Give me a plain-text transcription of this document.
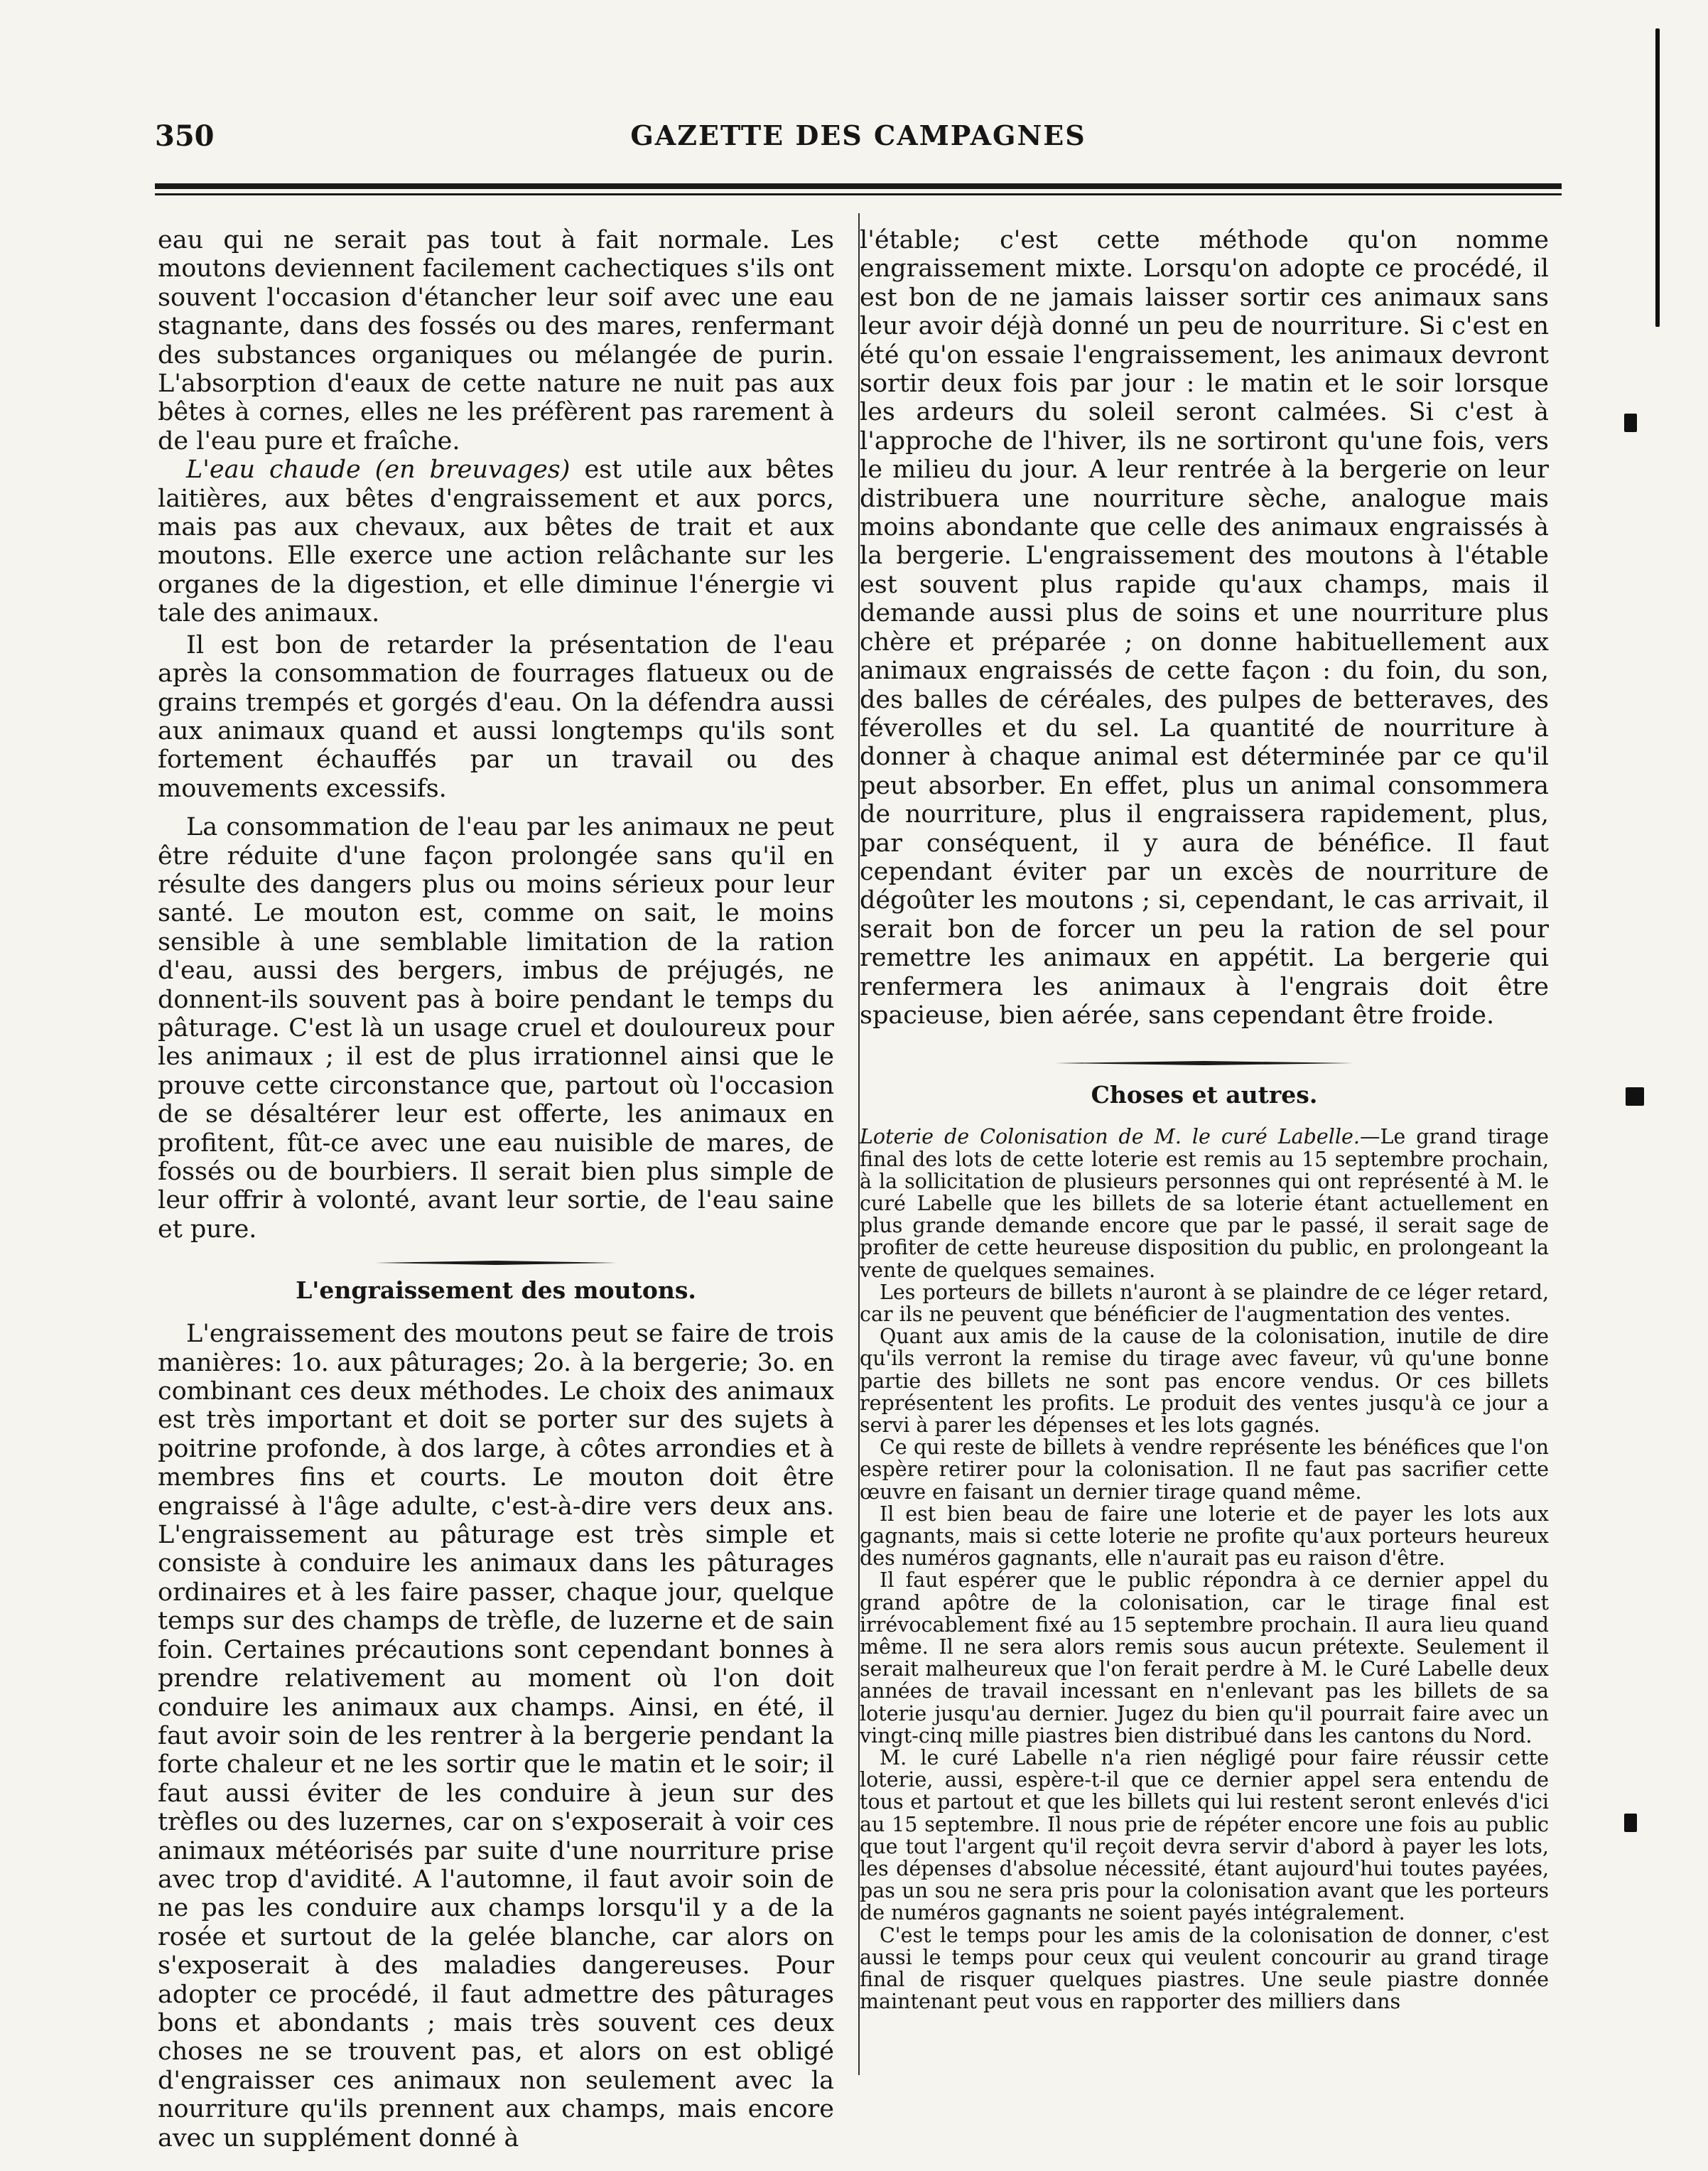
350	GAZETTE DES CAMPAGNES

eau qui ne serait pas tout à fait normale. Les moutons deviennent facilement cachectiques s'ils ont souvent l'occasion d'étancher leur soif avec une eau stagnante, dans des fossés ou des mares, renfermant des substances organiques ou mélangée de purin. L'absorption d'eaux de cette nature ne nuit pas aux bêtes à cornes, elles ne les préfèrent pas rarement à de l'eau pure et fraîche.

L'eau chaude (en breuvages) est utile aux bêtes laitières, aux bêtes d'engraissement et aux porcs, mais pas aux chevaux, aux bêtes de trait et aux moutons. Elle exerce une action relâchante sur les organes de la digestion, et elle diminue l'énergie vi tale des animaux.

Il est bon de retarder la présentation de l'eau après la consommation de fourrages flatueux ou de grains trempés et gorgés d'eau. On la défendra aussi aux animaux quand et aussi longtemps qu'ils sont fortement échauffés par un travail ou des mouvements excessifs.

La consommation de l'eau par les animaux ne peut être réduite d'une façon prolongée sans qu'il en résulte des dangers plus ou moins sérieux pour leur santé. Le mouton est, comme on sait, le moins sensible à une semblable limitation de la ration d'eau, aussi des bergers, imbus de préjugés, ne donnent-ils souvent pas à boire pendant le temps du pâturage. C'est là un usage cruel et douloureux pour les animaux ; il est de plus irrationnel ainsi que le prouve cette circonstance que, partout où l'occasion de se désaltérer leur est offerte, les animaux en profitent, fût-ce avec une eau nuisible de mares, de fossés ou de bourbiers. Il serait bien plus simple de leur offrir à volonté, avant leur sortie, de l'eau saine et pure.

L'engraissement des moutons.

L'engraissement des moutons peut se faire de trois manières: 1o. aux pâturages; 2o. à la bergerie; 3o. en combinant ces deux méthodes. Le choix des animaux est très important et doit se porter sur des sujets à poitrine profonde, à dos large, à côtes arrondies et à membres fins et courts. Le mouton doit être engraissé à l'âge adulte, c'est-à-dire vers deux ans. L'engraissement au pâturage est très simple et consiste à conduire les animaux dans les pâturages ordinaires et à les faire passer, chaque jour, quelque temps sur des champs de trèfle, de luzerne et de sain foin. Certaines précautions sont cependant bonnes à prendre relativement au moment où l'on doit conduire les animaux aux champs. Ainsi, en été, il faut avoir soin de les rentrer à la bergerie pendant la forte chaleur et ne les sortir que le matin et le soir; il faut aussi éviter de les conduire à jeun sur des trèfles ou des luzernes, car on s'exposerait à voir ces animaux météorisés par suite d'une nourriture prise avec trop d'avidité. A l'automne, il faut avoir soin de ne pas les conduire aux champs lorsqu'il y a de la rosée et surtout de la gelée blanche, car alors on s'exposerait à des maladies dangereuses. Pour adopter ce procédé, il faut admettre des pâturages bons et abondants ; mais très souvent ces deux choses ne se trouvent pas, et alors on est obligé d'engraisser ces animaux non seulement avec la nourriture qu'ils prennent aux champs, mais encore avec un supplément donné à

l'étable; c'est cette méthode qu'on nomme engraissement mixte. Lorsqu'on adopte ce procédé, il est bon de ne jamais laisser sortir ces animaux sans leur avoir déjà donné un peu de nourriture. Si c'est en été qu'on essaie l'engraissement, les animaux devront sortir deux fois par jour : le matin et le soir lorsque les ardeurs du soleil seront calmées. Si c'est à l'approche de l'hiver, ils ne sortiront qu'une fois, vers le milieu du jour. A leur rentrée à la bergerie on leur distribuera une nourriture sèche, analogue mais moins abondante que celle des animaux engraissés à la bergerie. L'engraissement des moutons à l'étable est souvent plus rapide qu'aux champs, mais il demande aussi plus de soins et une nourriture plus chère et préparée ; on donne habituellement aux animaux engraissés de cette façon : du foin, du son, des balles de céréales, des pulpes de betteraves, des féverolles et du sel. La quantité de nourriture à donner à chaque animal est déterminée par ce qu'il peut absorber. En effet, plus un animal consommera de nourriture, plus il engraissera rapidement, plus, par conséquent, il y aura de bénéfice. Il faut cependant éviter par un excès de nourriture de dégoûter les moutons ; si, cependant, le cas arrivait, il serait bon de forcer un peu la ration de sel pour remettre les animaux en appétit. La bergerie qui renfermera les animaux à l'engrais doit être spacieuse, bien aérée, sans cependant être froide.

Choses et autres.

Loterie de Colonisation de M. le curé Labelle.—Le grand tirage final des lots de cette loterie est remis au 15 septembre prochain, à la sollicitation de plusieurs personnes qui ont représenté à M. le curé Labelle que les billets de sa loterie étant actuellement en plus grande demande encore que par le passé, il serait sage de profiter de cette heureuse disposition du public, en prolongeant la vente de quelques semaines.

Les porteurs de billets n'auront à se plaindre de ce léger retard, car ils ne peuvent que bénéficier de l'augmentation des ventes.

Quant aux amis de la cause de la colonisation, inutile de dire qu'ils verront la remise du tirage avec faveur, vû qu'une bonne partie des billets ne sont pas encore vendus. Or ces billets représentent les profits. Le produit des ventes jusqu'à ce jour a servi à parer les dépenses et les lots gagnés.

Ce qui reste de billets à vendre représente les bénéfices que l'on espère retirer pour la colonisation. Il ne faut pas sacrifier cette œuvre en faisant un dernier tirage quand même.

Il est bien beau de faire une loterie et de payer les lots aux gagnants, mais si cette loterie ne profite qu'aux porteurs heureux des numéros gagnants, elle n'aurait pas eu raison d'être.

Il faut espérer que le public répondra à ce dernier appel du grand apôtre de la colonisation, car le tirage final est irrévocablement fixé au 15 septembre prochain. Il aura lieu quand même. Il ne sera alors remis sous aucun prétexte. Seulement il serait malheureux que l'on ferait perdre à M. le Curé Labelle deux années de travail incessant en n'enlevant pas les billets de sa loterie jusqu'au dernier. Jugez du bien qu'il pourrait faire avec un vingt-cinq mille piastres bien distribué dans les cantons du Nord.

M. le curé Labelle n'a rien négligé pour faire réussir cette loterie, aussi, espère-t-il que ce dernier appel sera entendu de tous et partout et que les billets qui lui restent seront enlevés d'ici au 15 septembre. Il nous prie de répéter encore une fois au public que tout l'argent qu'il reçoit devra servir d'abord à payer les lots, les dépenses d'absolue nécessité, étant aujourd'hui toutes payées, pas un sou ne sera pris pour la colonisation avant que les porteurs de numéros gagnants ne soient payés intégralement.

C'est le temps pour les amis de la colonisation de donner, c'est aussi le temps pour ceux qui veulent concourir au grand tirage final de risquer quelques piastres. Une seule piastre donnée maintenant peut vous en rapporter des milliers dans
